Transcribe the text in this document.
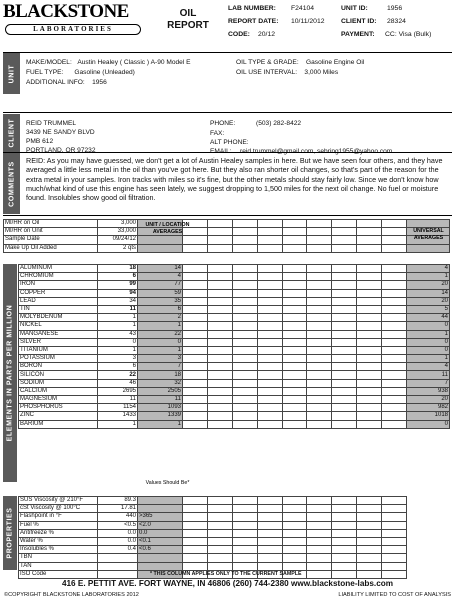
BLACKSTONE
LABORATORIES
OIL
REPORT
LAB NUMBER: F24104
REPORT DATE: 10/11/2012
CODE: 20/12
UNIT ID:	1956
CLIENT ID: 28324
PAYMENT: CC: Visa (Bulk)
UNIT
MAKE/MODEL: Austin Healey ( Classic ) A-90 Model E
FUEL TYPE: Gasoline (Unleaded)
ADDITIONAL INFO: 1956
OIL TYPE & GRADE: Gasoline Engine Oil
OIL USE INTERVAL: 3,000 Miles
CLIENT REID TRUMMEL
3439 NE SANDY BLVD
PMB 612
PORTLAND, OR 97232
PHONE:	(503) 282-8422
FAX:
ALT PHONE:
EMAIL: reid.trummel@gmail.com, sebring1955@yahoo.com
COMMENTS
REID: As you may have guessed, we don't get a lot of Austin Healey samples in here. But we have seen four others, and they have averaged a little less metal in the oil than you've got here. But they also ran shorter oil changes, so that's part of the reason for the extra metal in your samples. Iron tracks with miles so it's fine, but the other metals should stay fairly low. Since we don't know how much/what kind of use this engine has seen lately, we suggest dropping to 1,500 miles for the next oil change. No fuel or moisture found. Insolubles show good oil filtration.
MI/HR on Oil	3,000											
MI/HR on Unit	33,000											
Sample Date	09/24/12											
Make Up Oil Added	2 qts											
ELEMENTS IN PARTS PER MILLION
ALUMINUM	18	14										4
CHROMIUM	6	4										1
IRON	99	77										20
COPPER	94	59										14
LEAD	34	35										20
TIN	11	6										5
MOLYBDENUM	1	2										44
NICKEL	1	1										0
MANGANESE	43	22										1
SILVER	0	0										0
TITANIUM	1	1										0
POTASSIUM	3	3										1
BORON	6	7										4
SILICON	22	18										11
SODIUM	46	32										7
CALCIUM	2695	2505										938
MAGNESIUM	11	11										20
PHOSPHORUS	1154	1093										982
ZINC	1433	1339										1018
BARIUM	1	1										0
UNIT / LOCATION AVERAGES	UNIVERSAL AVERAGES
Values Should Be*
PROPERTIES
SUS Viscosity @ 210°F	89.3											
cSt Viscosity @ 100°C	17.81											
Flashpoint in °F	440	>365										
Fuel %	<0.5	<2.0										
Antifreeze %	0.0	0.0										
Water %	0.0	<0.1										
Insolubles %	0.4	<0.6										
TBN												
TAN												
ISO Code													* THIS COLUMN APPLIES ONLY TO THE CURRENT SAMPLE
416 E. PETTIT AVE. FORT WAYNE, IN 46806 (260) 744-2380 www.blackstone-labs.com
©COPYRIGHT BLACKSTONE LABORATORIES 2012	LIABILITY LIMITED TO COST OF ANALYSIS
